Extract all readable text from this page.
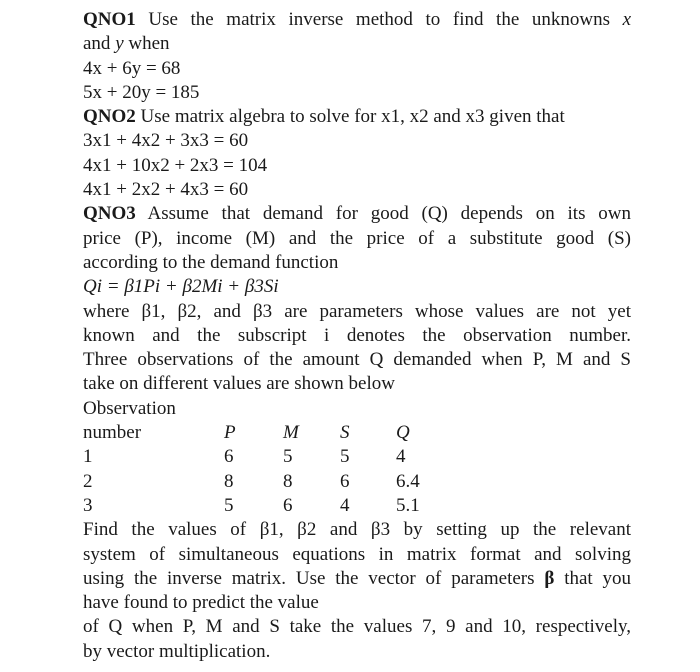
QNO1 Use the matrix inverse method to find the unknowns x
and y when
4x + 6y = 68
5x + 20y = 185
QNO2 Use matrix algebra to solve for x1, x2 and x3 given that
3x1 + 4x2 + 3x3 = 60
4x1 + 10x2 + 2x3 = 104
4x1 + 2x2 + 4x3 = 60
QNO3 Assume that demand for good (Q) depends on its own
price (P), income (M) and the price of a substitute good (S)
according to the demand function
Qi = β1Pi + β2Mi + β3Si
where β1, β2, and β3 are parameters whose values are not yet
known and the subscript i denotes the observation number.
Three observations of the amount Q demanded when P, M and S
take on different values are shown below
Observation
number	P M S Q
1	6	5	5 4
2	8	8	6 6.4
3	5	6	4 5.1
Find the values of β1, β2 and β3 by setting up the relevant
system of simultaneous equations in matrix format and solving
using the inverse matrix. Use the vector of parameters β that you
have found to predict the value
of Q when P, M and S take the values 7, 9 and 10, respectively,
by vector multiplication.
